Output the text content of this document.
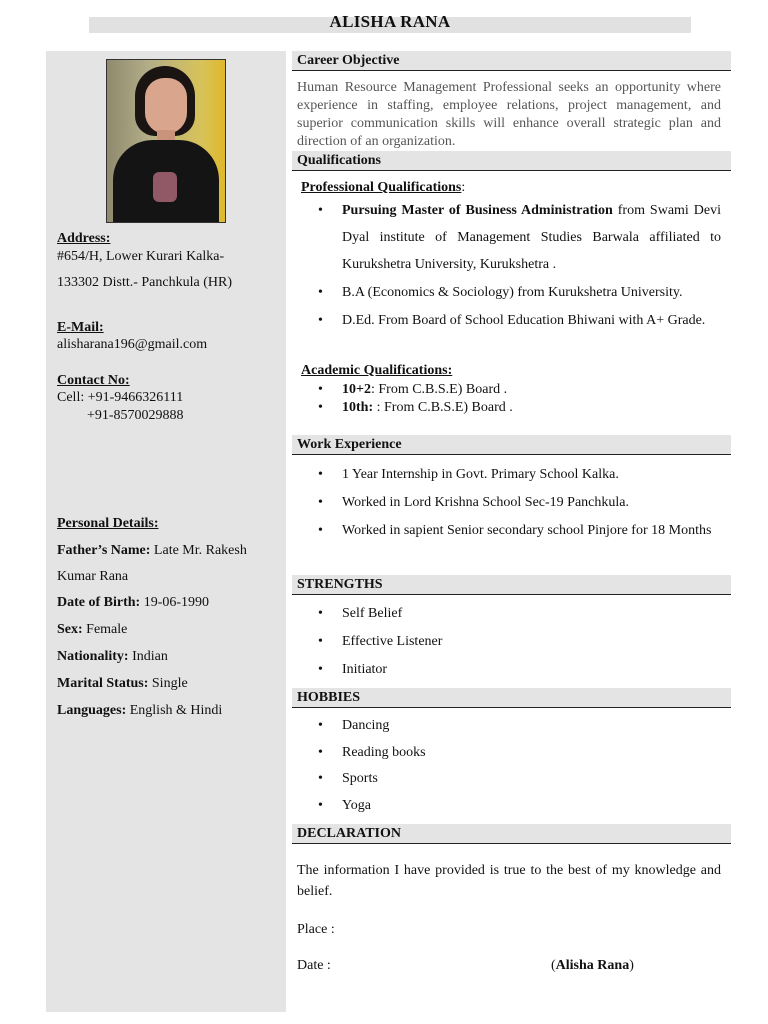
ALISHA RANA
Address:
#654/H, Lower Kurari Kalka-
133302 Distt.- Panchkula (HR)
E-Mail:
alisharana196@gmail.com
Contact No:
Cell: +91-9466326111
+91-8570029888
Personal Details:
Father’s Name: Late Mr. Rakesh
Kumar Rana
Date of Birth: 19-06-1990
Sex: Female
Nationality: Indian
Marital Status: Single
Languages: English & Hindi
Career Objective
Human Resource Management Professional seeks an opportunity where experience in staffing, employee relations, project management, and superior communication skills will enhance overall strategic plan and direction of an organization.
Qualifications
Professional Qualifications:
• Pursuing Master of Business Administration from Swami Devi Dyal institute of Management Studies Barwala affiliated to Kurukshetra University, Kurukshetra .
• B.A (Economics & Sociology) from Kurukshetra University.
• D.Ed. From Board of School Education Bhiwani with A+ Grade.
Academic Qualifications:
• 10+2: From C.B.S.E) Board .
• 10th: : From C.B.S.E) Board .
Work Experience
• 1 Year Internship in Govt. Primary School Kalka.
• Worked in Lord Krishna School Sec-19 Panchkula.
• Worked in sapient Senior secondary school Pinjore for 18 Months
STRENGTHS
• Self Belief
• Effective Listener
• Initiator
HOBBIES
• Dancing
• Reading books
• Sports
• Yoga
DECLARATION
The information I have provided is true to the best of my knowledge and belief.
Place :
Date :	(Alisha Rana)
